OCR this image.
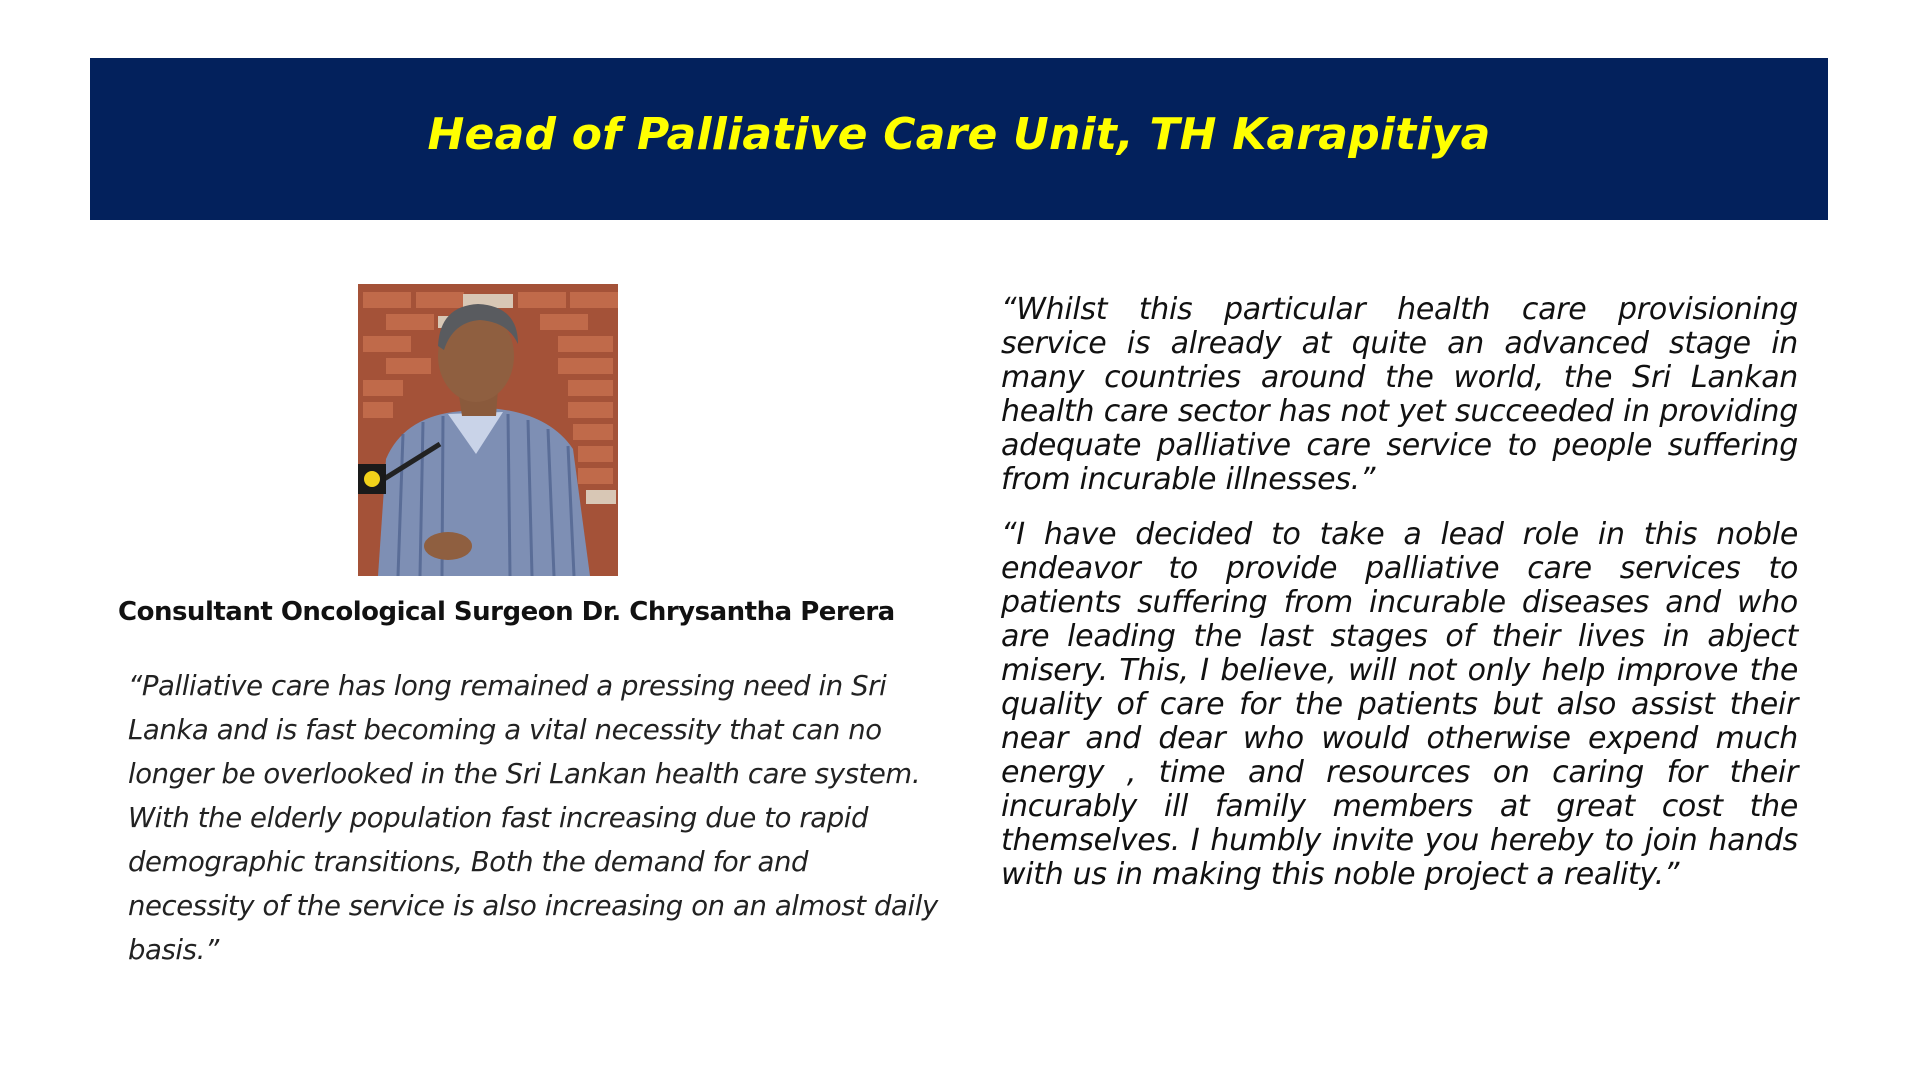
Head of Palliative Care Unit, TH Karapitiya
Consultant Oncological Surgeon Dr. Chrysantha Perera
“Palliative care has long remained a pressing need in Sri Lanka and is fast becoming a vital necessity that can no longer be overlooked in the Sri Lankan health care system. With the elderly population fast increasing due to rapid demographic transitions, Both the demand for and necessity of the service is also increasing on an almost daily basis.”
“Whilst this particular health care provisioning service is already at quite an advanced stage in many countries around the world, the Sri Lankan health care sector has not yet succeeded in providing adequate palliative care service to people suffering from incurable illnesses.”
“I have decided to take a lead role in this noble endeavor to provide palliative care services to patients suffering from incurable diseases and who are leading the last stages of their lives in abject misery. This, I believe, will not only help improve the quality of care for the patients but also assist their near and dear who would otherwise expend much energy , time and resources on caring for their incurably ill family members at great cost the themselves. I humbly invite you hereby to join hands with us in making this noble project a reality.”
